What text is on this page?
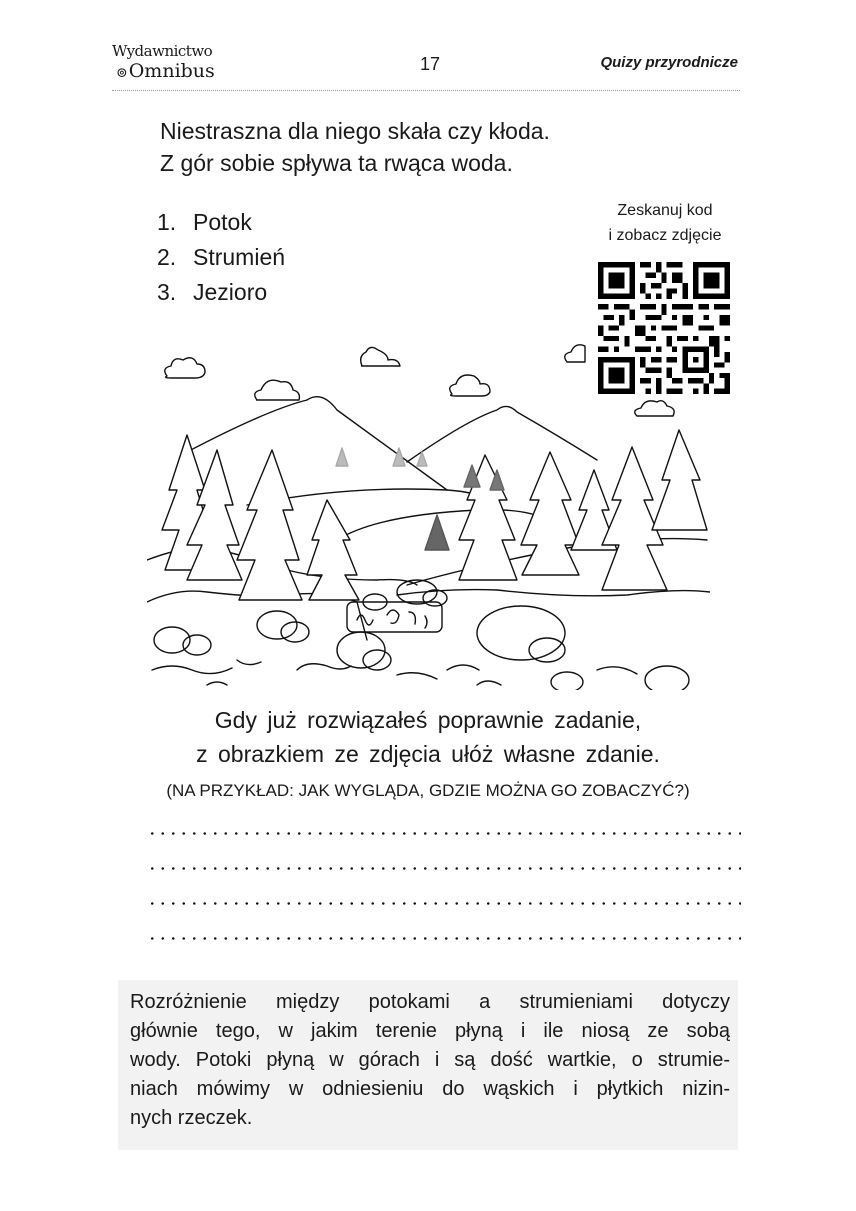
Wydawnictwo
⊚Omnibus	17	Quizy przyrodnicze
Niestraszna dla niego skała czy kłoda.
Z gór sobie spływa ta rwąca woda.
1. Potok
2. Strumień
3. Jezioro
Zeskanuj kod
i zobacz zdjęcie
Gdy już rozwiązałeś poprawnie zadanie,
z obrazkiem ze zdjęcia ułóż własne zdanie.
(NA PRZYKŁAD: JAK WYGLĄDA, GDZIE MOŻNA GO ZOBACZYĆ?)
Rozróżnienie między potokami a strumieniami dotyczy
głównie tego, w jakim terenie płyną i ile niosą ze sobą
wody. Potoki płyną w górach i są dość wartkie, o strumie-
niach mówimy w odniesieniu do wąskich i płytkich nizin-
nych rzeczek.
